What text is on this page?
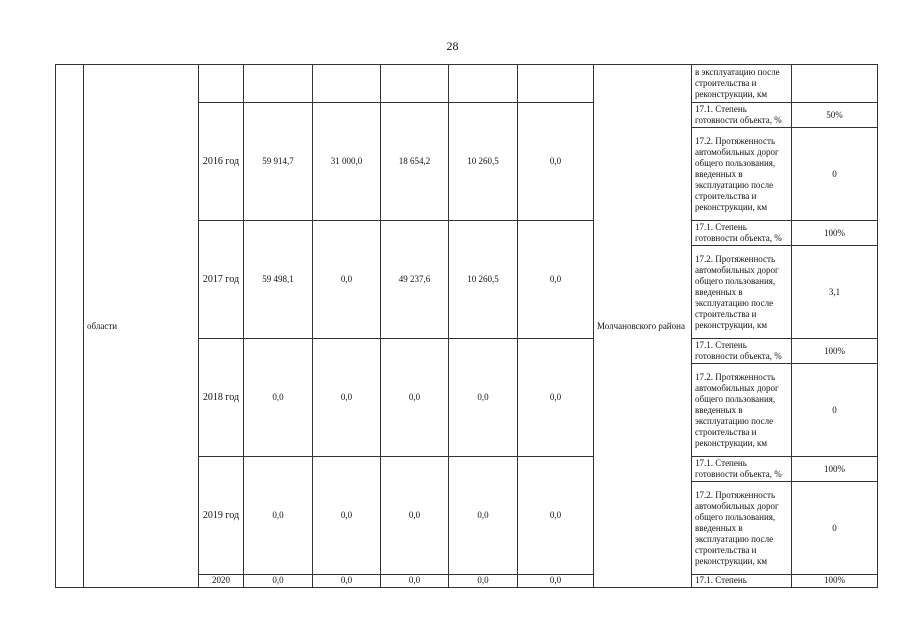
28
	области							Молчановского района	в эксплуатацию после строительства и реконструкции, км	

		2016 год	59 914,7	31 000,0	18 654,2	10 260,5	0,0		17.1. Степень готовности объекта, %	50%
									17.2. Протяженность автомобильных дорог общего пользования, введенных в эксплуатацию после строительства и реконструкции, км	0

		2017 год	59 498,1	0,0	49 237,6	10 260,5	0,0		17.1. Степень готовности объекта, %	100%
									17.2. Протяженность автомобильных дорог общего пользования, введенных в эксплуатацию после строительства и реконструкции, км	3,1

		2018 год	0,0	0,0	0,0	0,0	0,0		17.1. Степень готовности объекта, %	100%
									17.2. Протяженность автомобильных дорог общего пользования, введенных в эксплуатацию после строительства и реконструкции, км	0

		2019 год	0,0	0,0	0,0	0,0	0,0		17.1. Степень готовности объекта, %	100%
									17.2. Протяженность автомобильных дорог общего пользования, введенных в эксплуатацию после строительства и реконструкции, км	0
		2020	0,0	0,0	0,0	0,0	0,0		17.1. Степень	100%
